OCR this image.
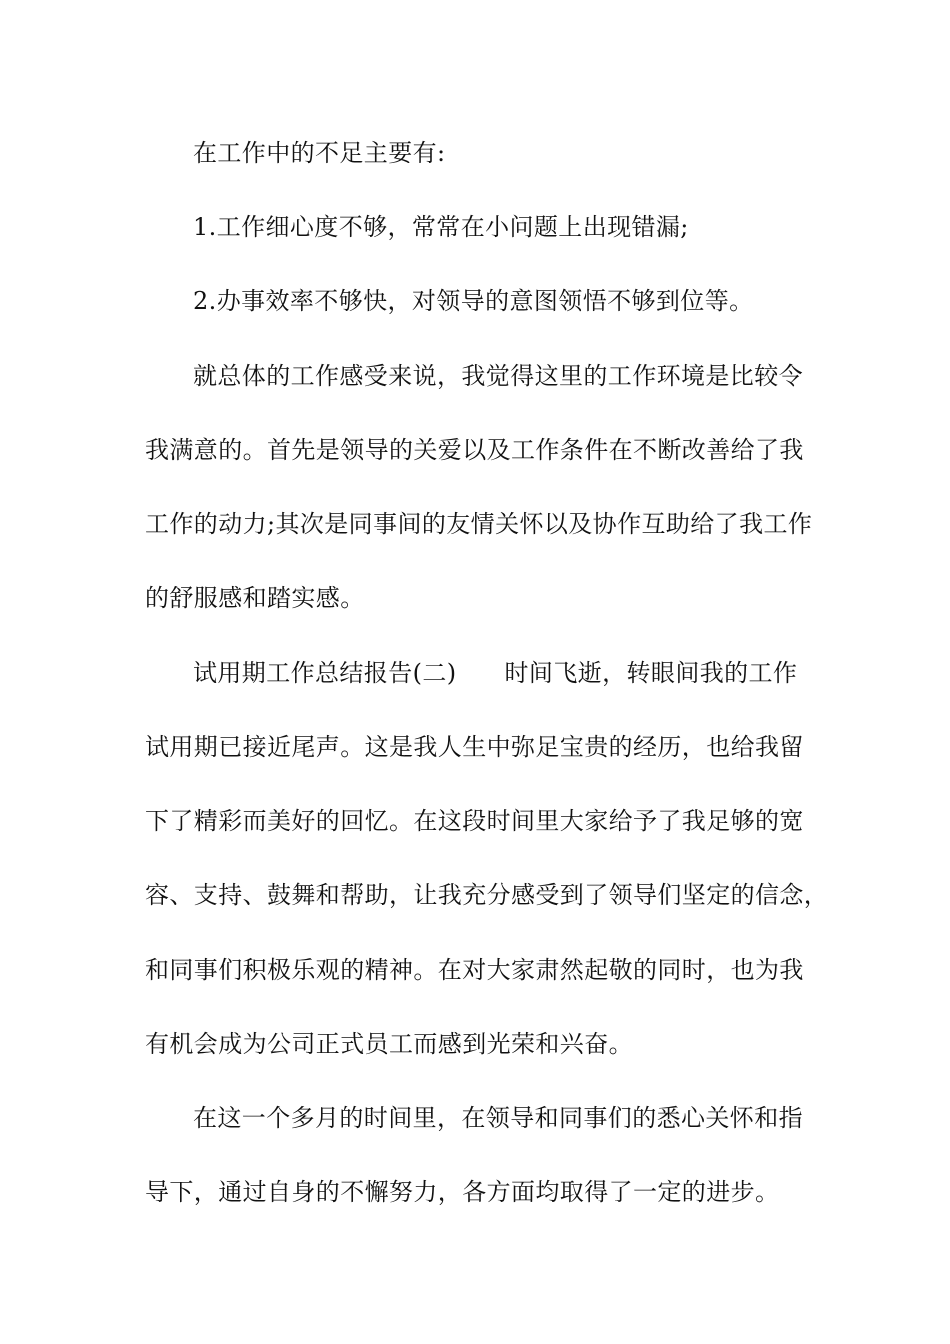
在工作中的不足主要有:
1.工作细心度不够，常常在小问题上出现错漏;
2.办事效率不够快，对领导的意图领悟不够到位等。
就总体的工作感受来说，我觉得这里的工作环境是比较令
我满意的。首先是领导的关爱以及工作条件在不断改善给了我
工作的动力;其次是同事间的友情关怀以及协作互助给了我工作
的舒服感和踏实感。
试用期工作总结报告(二) 时间飞逝，转眼间我的工作
试用期已接近尾声。这是我人生中弥足宝贵的经历，也给我留
下了精彩而美好的回忆。在这段时间里大家给予了我足够的宽
容、支持、鼓舞和帮助，让我充分感受到了领导们坚定的信念，
和同事们积极乐观的精神。在对大家肃然起敬的同时，也为我
有机会成为公司正式员工而感到光荣和兴奋。
在这一个多月的时间里，在领导和同事们的悉心关怀和指
导下，通过自身的不懈努力，各方面均取得了一定的进步。
